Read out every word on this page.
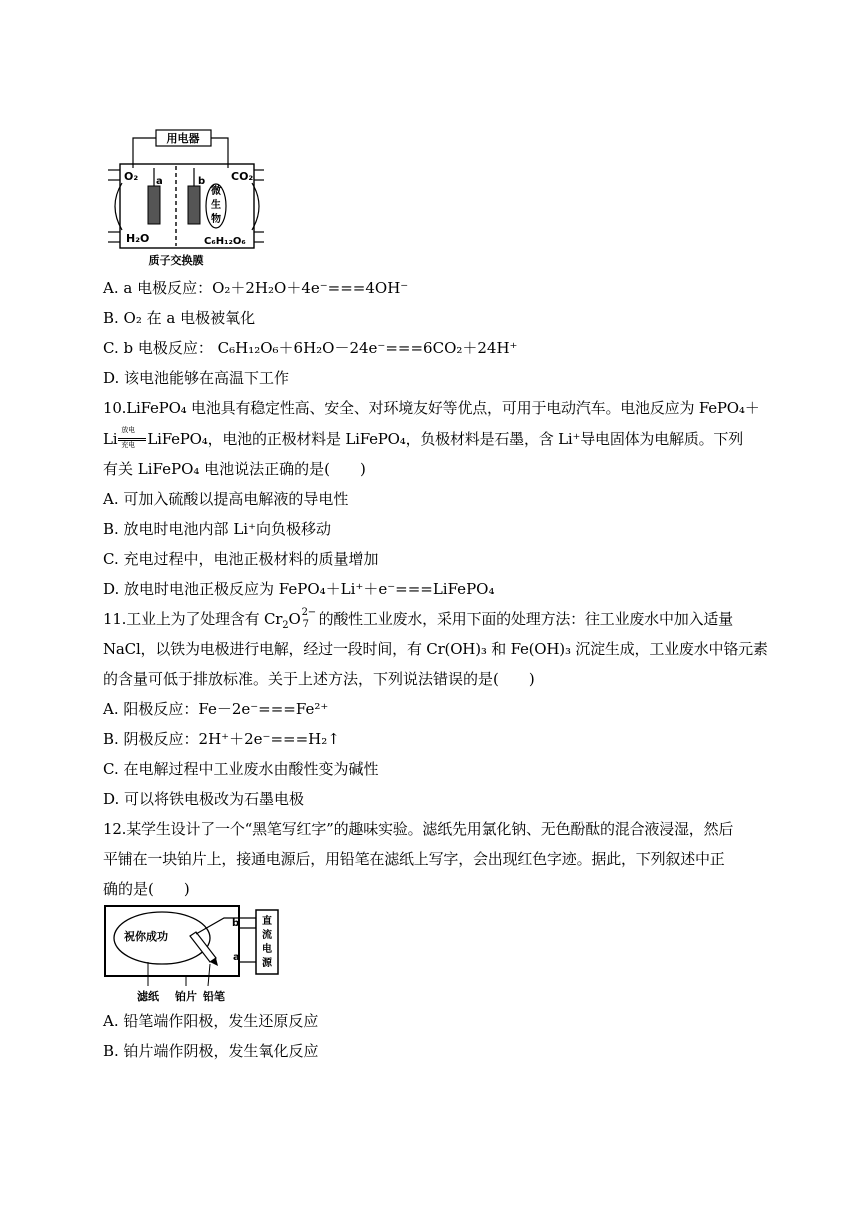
用电器
微
生
物
O₂ a	b CO₂
H₂O	C₆H₁₂O₆
质子交换膜
A. a 电极反应：O₂＋2H₂O＋4e⁻===4OH⁻
B. O₂ 在 a 电极被氧化
C. b 电极反应： C₆H₁₂O₆＋6H₂O－24e⁻===6CO₂＋24H⁺
D. 该电池能够在高温下工作
10.LiFePO₄ 电池具有稳定性高、安全、对环境友好等优点，可用于电动汽车。电池反应为 FePO₄＋
Li 放电
充电 LiFePO₄，电池的正极材料是 LiFePO₄，负极材料是石墨，含 Li⁺导电固体为电解质。下列
有关 LiFePO₄ 电池说法正确的是(　　)
A. 可加入硫酸以提高电解液的导电性
B. 放电时电池内部 Li⁺向负极移动
C. 充电过程中，电池正极材料的质量增加
D. 放电时电池正极反应为 FePO₄＋Li⁺＋e⁻===LiFePO₄
11.工业上为了处理含有 $Cr_2O$ 2−
7 的酸性工业废水，采用下面的处理方法：往工业废水中加入适量
NaCl，以铁为电极进行电解，经过一段时间，有 Cr(OH)₃ 和 Fe(OH)₃ 沉淀生成，工业废水中铬元素
的含量可低于排放标准。关于上述方法，下列说法错误的是(　　)
A. 阳极反应：Fe－2e⁻===Fe²⁺
B. 阴极反应：2H⁺＋2e⁻===H₂↑
C. 在电解过程中工业废水由酸性变为碱性
D. 可以将铁电极改为石墨电极
12.某学生设计了一个“黑笔写红字”的趣味实验。滤纸先用氯化钠、无色酚酞的混合液浸湿，然后
平铺在一块铂片上，接通电源后，用铅笔在滤纸上写字，会出现红色字迹。据此，下列叙述中正
确的是(　　)
祝你成功
直
流
电
源
b
a
滤纸 铂片 铅笔
A. 铅笔端作阳极，发生还原反应
B. 铂片端作阴极，发生氧化反应
